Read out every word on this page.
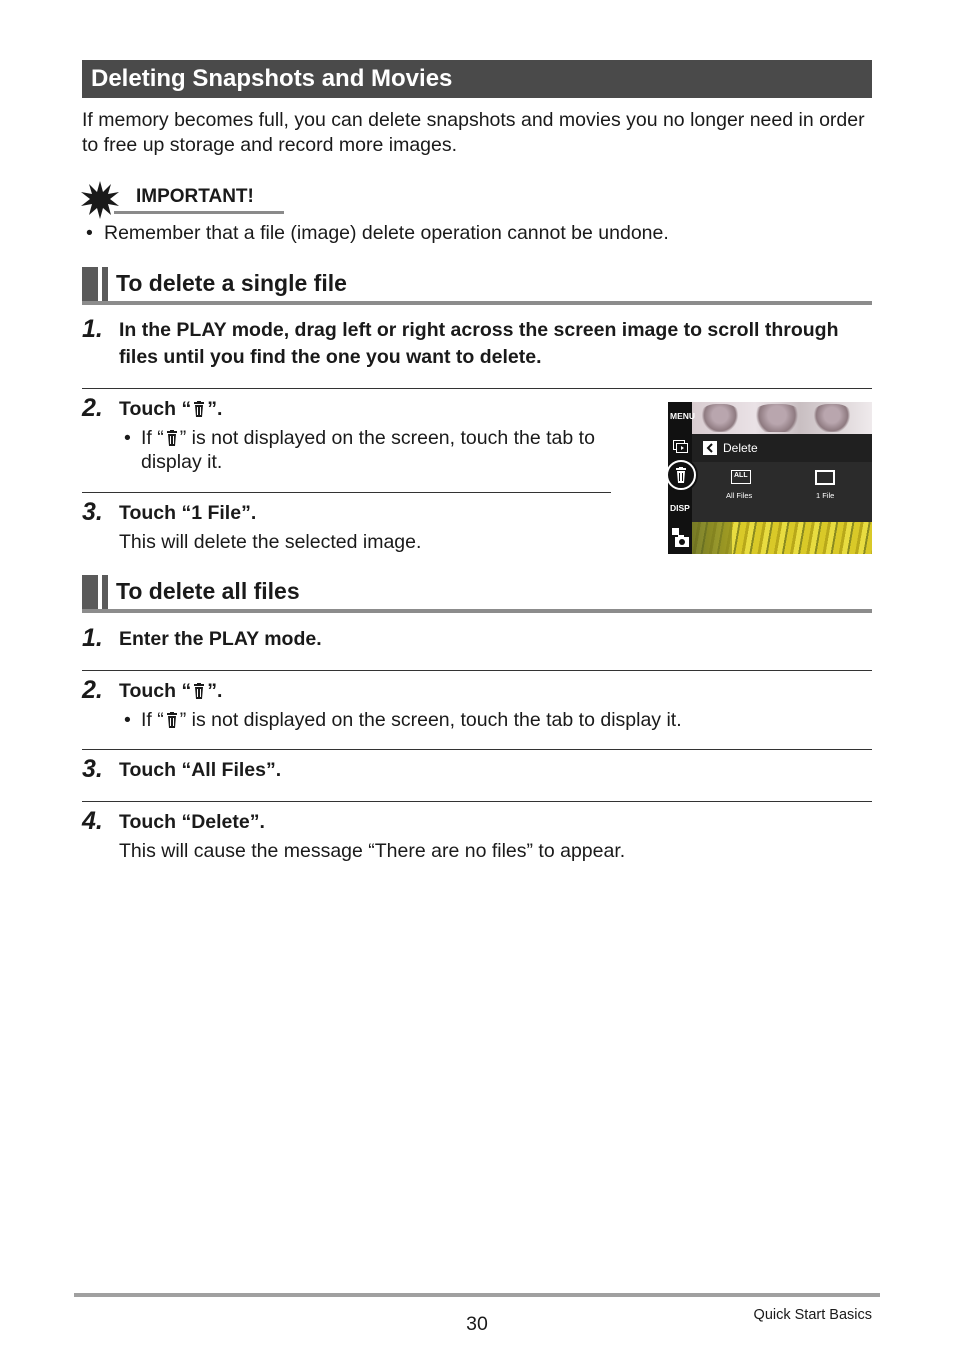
Deleting Snapshots and Movies
If memory becomes full, you can delete snapshots and movies you no longer need in order to free up storage and record more images.
IMPORTANT!
• Remember that a file (image) delete operation cannot be undone.
To delete a single file
1. In the PLAY mode, drag left or right across the screen image to scroll through files until you find the one you want to delete.
2. Touch “ ”.
• If “ ” is not displayed on the screen, touch the tab to display it.
3. Touch “1 File”.
This will delete the selected image.
MENU
DISP
Delete
ALL
All Files	1 File
To delete all files
1. Enter the PLAY mode.
2. Touch “ ”.
• If “ ” is not displayed on the screen, touch the tab to display it.
3. Touch “All Files”.
4. Touch “Delete”.
This will cause the message “There are no files” to appear.
30	Quick Start Basics
